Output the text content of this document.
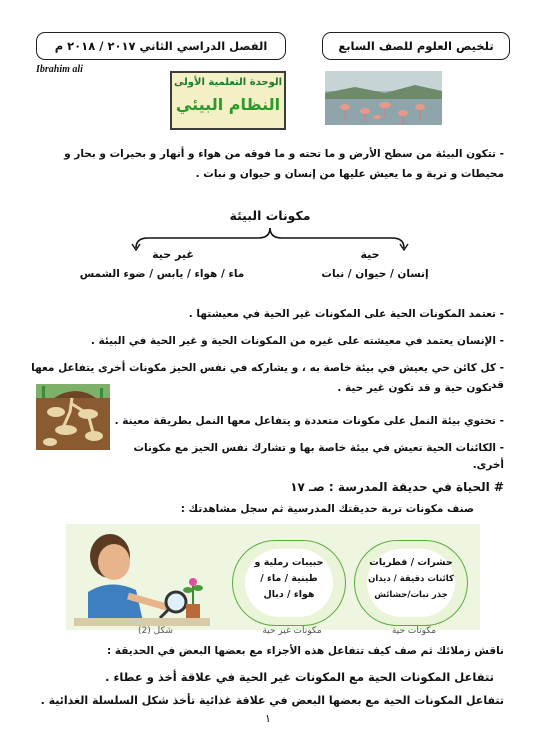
تلخيص العلوم للصف السابع
الفصل الدراسي الثاني ٢٠١٧ / ٢٠١٨ م
Ibrahim ali
الوحدة التعلمية الأولى
النظام البيئي
- تتكون البيئة من سطح الأرض و ما تحته و ما فوقه من هواء و أنهار و بحيرات و بحار و
محيطات و تربة و ما يعيش عليها من إنسان و حيوان و نبات .
مكونات البيئة
حية
غير حية
إنسان / حيوان / نبات
ماء / هواء / يابس / ضوء الشمس
- تعتمد المكونات الحية على المكونات غير الحية في معيشتها .
- الإنسان يعتمد في معيشته على غيره من المكونات الحية و غير الحية في البيئة .
- كل كائن حي يعيش في بيئة خاصة به ، و يشاركه في نفس الحيز مكونات أخرى يتفاعل معها قد
تكون حية و قد تكون غير حية .
- تحتوي بيئة النمل على مكونات متعددة و يتفاعل معها النمل بطريقة معينة .
- الكائنات الحية تعيش في بيئة خاصة بها و تشارك نفس الحيز مع مكونات أخرى.
# الحياة في حديقة المدرسة : صـ ١٧
صنف مكونات تربة حديقتك المدرسية ثم سجل مشاهدتك :
شكل (2)
حبيبات رملية و
طينية / ماء /
هواء / دبال
مكونات غير حية
حشرات / فطريات
كائنات دقيقة / ديدان
جذر نبات/حشائش
مكونات حية
ناقش زملائك ثم صف كيف تتفاعل هذه الأجزاء مع بعضها البعض في الحديقة :
تتفاعل المكونات الحية مع المكونات غير الحية في علاقة أخذ و عطاء .
تتفاعل المكونات الحية مع بعضها البعض في علاقة غذائية تأخذ شكل السلسلة الغذائية .
١
